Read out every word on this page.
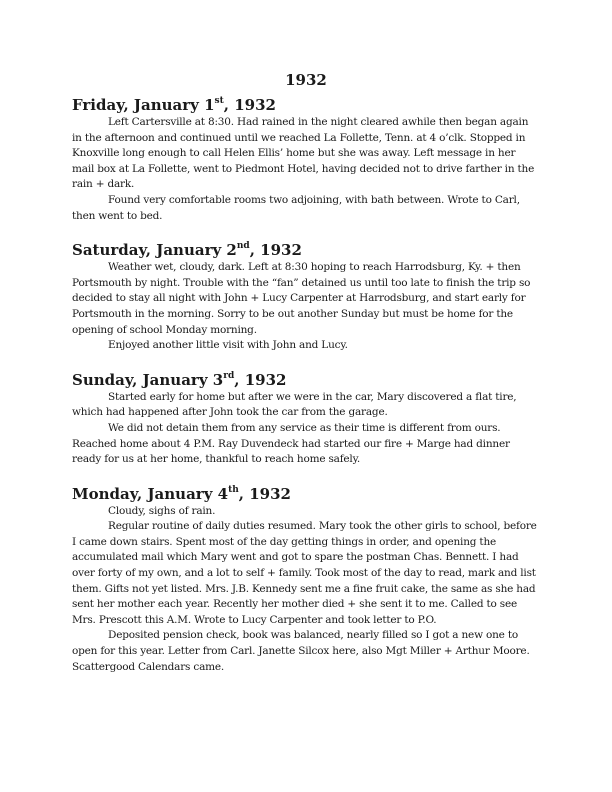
1932
Friday, January 1st, 1932

Left Cartersville at 8:30. Had rained in the night cleared awhile then began again in the afternoon and continued until we reached La Follette, Tenn. at 4 o’clk. Stopped in Knoxville long enough to call Helen Ellis’ home but she was away. Left message in her mail box at La Follette, went to Piedmont Hotel, having decided not to drive farther in the rain + dark.

Found very comfortable rooms two adjoining, with bath between. Wrote to Carl, then went to bed.

Saturday, January 2nd, 1932

Weather wet, cloudy, dark. Left at 8:30 hoping to reach Harrodsburg, Ky. + then Portsmouth by night. Trouble with the “fan” detained us until too late to finish the trip so decided to stay all night with John + Lucy Carpenter at Harrodsburg, and start early for Portsmouth in the morning. Sorry to be out another Sunday but must be home for the opening of school Monday morning.

Enjoyed another little visit with John and Lucy.

Sunday, January 3rd, 1932

Started early for home but after we were in the car, Mary discovered a flat tire, which had happened after John took the car from the garage.

We did not detain them from any service as their time is different from ours. Reached home about 4 P.M. Ray Duvendeck had started our fire + Marge had dinner ready for us at her home, thankful to reach home safely.

Monday, January 4th, 1932

Cloudy, sighs of rain.

Regular routine of daily duties resumed. Mary took the other girls to school, before I came down stairs. Spent most of the day getting things in order, and opening the accumulated mail which Mary went and got to spare the postman Chas. Bennett. I had over forty of my own, and a lot to self + family. Took most of the day to read, mark and list them. Gifts not yet listed. Mrs. J.B. Kennedy sent me a fine fruit cake, the same as she had sent her mother each year. Recently her mother died + she sent it to me. Called to see Mrs. Prescott this A.M. Wrote to Lucy Carpenter and took letter to P.O.

Deposited pension check, book was balanced, nearly filled so I got a new one to open for this year. Letter from Carl. Janette Silcox here, also Mgt Miller + Arthur Moore. Scattergood Calendars came.
